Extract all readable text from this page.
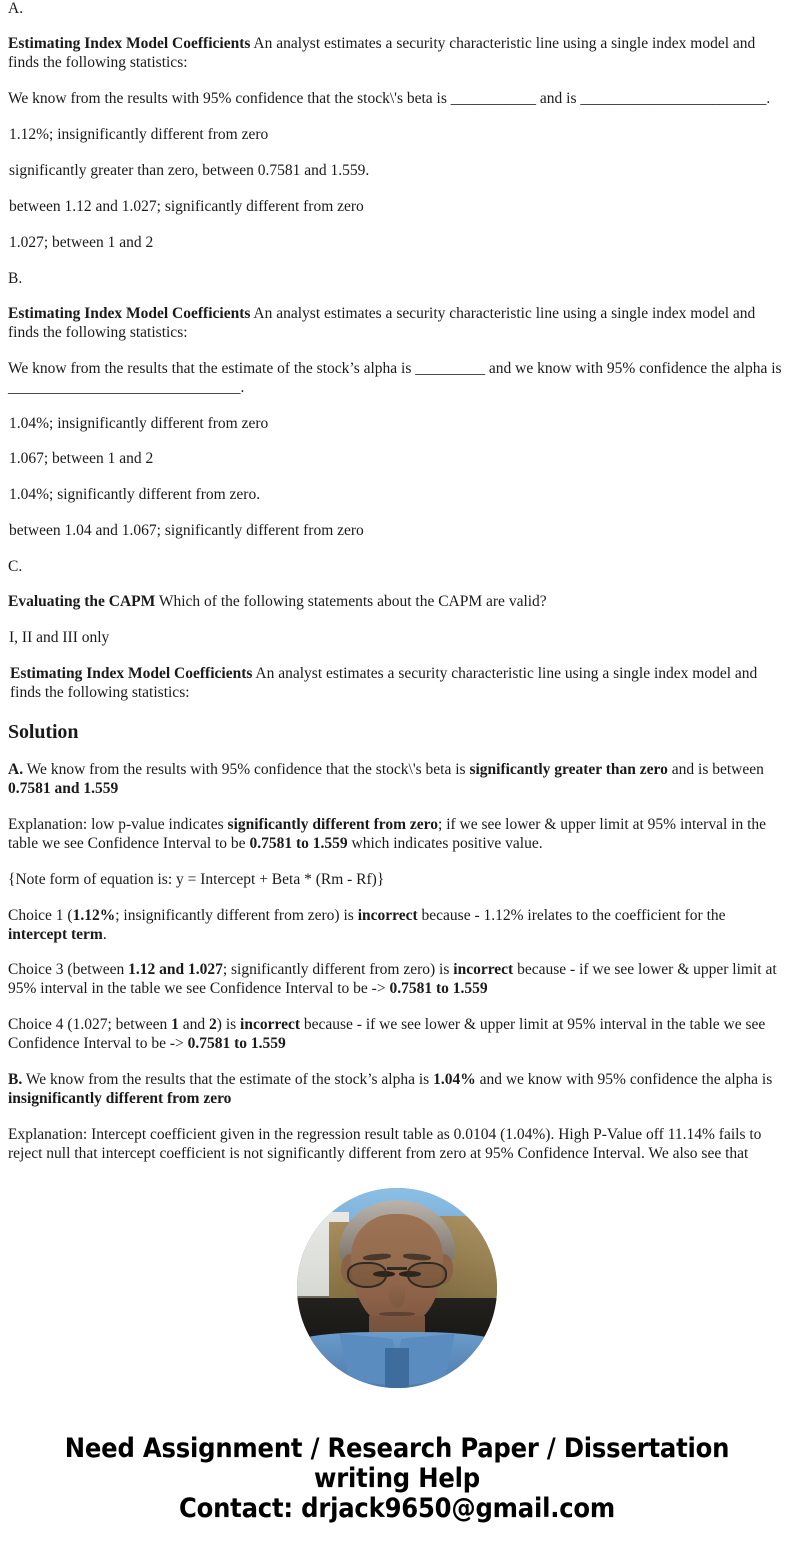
A.

Estimating Index Model Coefficients An analyst estimates a security characteristic line using a single index model and finds the following statistics:

We know from the results with 95% confidence that the stock\'s beta is ___________ and is ________________________.

1.12%; insignificantly different from zero

significantly greater than zero, between 0.7581 and 1.559.

between 1.12 and 1.027; significantly different from zero

1.027; between 1 and 2

B.

Estimating Index Model Coefficients An analyst estimates a security characteristic line using a single index model and finds the following statistics:

We know from the results that the estimate of the stock’s alpha is _________ and we know with 95% confidence the alpha is ______________________________.

1.04%; insignificantly different from zero

1.067; between 1 and 2

1.04%; significantly different from zero.

between 1.04 and 1.067; significantly different from zero

C.

Evaluating the CAPM Which of the following statements about the CAPM are valid?

I, II and III only

Estimating Index Model Coefficients An analyst estimates a security characteristic line using a single index model and finds the following statistics:

Solution

A. We know from the results with 95% confidence that the stock\'s beta is significantly greater than zero and is between 0.7581 and 1.559

Explanation: low p-value indicates significantly different from zero; if we see lower & upper limit at 95% interval in the table we see Confidence Interval to be 0.7581 to 1.559 which indicates positive value.

{Note form of equation is: y = Intercept + Beta * (Rm - Rf)}

Choice 1 (1.12%; insignificantly different from zero) is incorrect because - 1.12% irelates to the coefficient for the intercept term.

Choice 3 (between 1.12 and 1.027; significantly different from zero) is incorrect because - if we see lower & upper limit at 95% interval in the table we see Confidence Interval to be -> 0.7581 to 1.559

Choice 4 (1.027; between 1 and 2) is incorrect because - if we see lower & upper limit at 95% interval in the table we see Confidence Interval to be -> 0.7581 to 1.559

B. We know from the results that the estimate of the stock’s alpha is 1.04% and we know with 95% confidence the alpha is insignificantly different from zero

Explanation: Intercept coefficient given in the regression result table as 0.0104 (1.04%). High P-Value off 11.14% fails to reject null that intercept coefficient is not significantly different from zero at 95% Confidence Interval. We also see that

Need Assignment / Research Paper / Dissertation
writing Help
Contact: drjack9650@gmail.com
